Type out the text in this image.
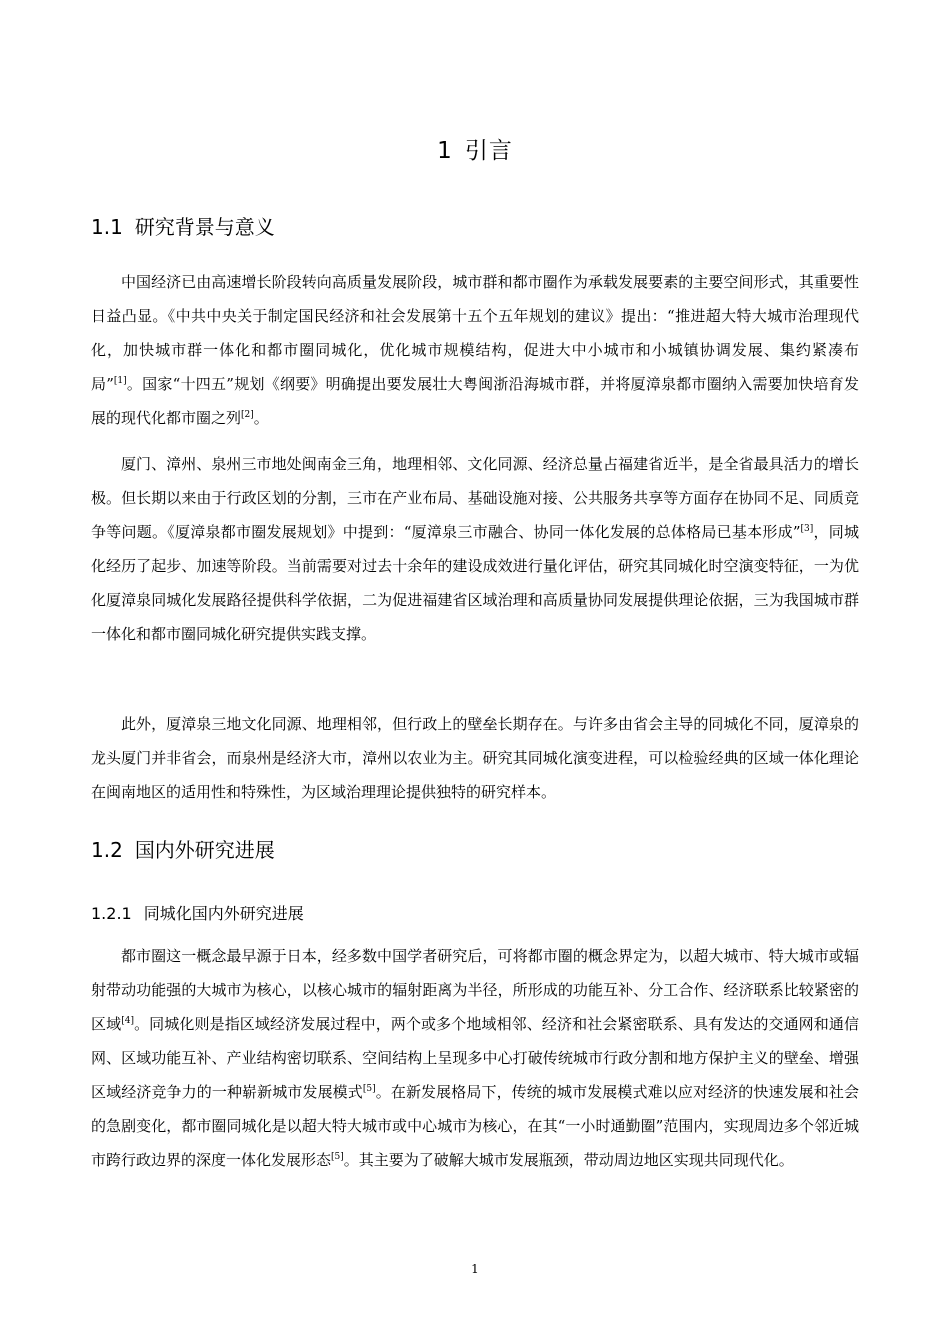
1 引言
1.1 研究背景与意义

中国经济已由高速增长阶段转向高质量发展阶段，城市群和都市圈作为承载发展要素的主要空间形式，其重要性日益凸显。《中共中央关于制定国民经济和社会发展第十五个五年规划的建议》提出：“推进超大特大城市治理现代化，加快城市群一体化和都市圈同城化，优化城市规模结构，促进大中小城市和小城镇协调发展、集约紧凑布局”[1]。国家“十四五”规划《纲要》明确提出要发展壮大粤闽浙沿海城市群，并将厦漳泉都市圈纳入需要加快培育发展的现代化都市圈之列[2]。

厦门、漳州、泉州三市地处闽南金三角，地理相邻、文化同源、经济总量占福建省近半，是全省最具活力的增长极。但长期以来由于行政区划的分割，三市在产业布局、基础设施对接、公共服务共享等方面存在协同不足、同质竞争等问题。《厦漳泉都市圈发展规划》中提到：“厦漳泉三市融合、协同一体化发展的总体格局已基本形成”[3]，同城化经历了起步、加速等阶段。当前需要对过去十余年的建设成效进行量化评估，研究其同城化时空演变特征，一为优化厦漳泉同城化发展路径提供科学依据，二为促进福建省区域治理和高质量协同发展提供理论依据，三为我国城市群一体化和都市圈同城化研究提供实践支撑。

此外，厦漳泉三地文化同源、地理相邻，但行政上的壁垒长期存在。与许多由省会主导的同城化不同，厦漳泉的龙头厦门并非省会，而泉州是经济大市，漳州以农业为主。研究其同城化演变进程，可以检验经典的区域一体化理论在闽南地区的适用性和特殊性，为区域治理理论提供独特的研究样本。

1.2 国内外研究进展
1.2.1 同城化国内外研究进展

都市圈这一概念最早源于日本，经多数中国学者研究后，可将都市圈的概念界定为，以超大城市、特大城市或辐射带动功能强的大城市为核心，以核心城市的辐射距离为半径，所形成的功能互补、分工合作、经济联系比较紧密的区域[4]。同城化则是指区域经济发展过程中，两个或多个地域相邻、经济和社会紧密联系、具有发达的交通网和通信网、区域功能互补、产业结构密切联系、空间结构上呈现多中心打破传统城市行政分割和地方保护主义的壁垒、增强区域经济竞争力的一种崭新城市发展模式[5]。在新发展格局下，传统的城市发展模式难以应对经济的快速发展和社会的急剧变化，都市圈同城化是以超大特大城市或中心城市为核心，在其“一小时通勤圈”范围内，实现周边多个邻近城市跨行政边界的深度一体化发展形态[5]。其主要为了破解大城市发展瓶颈，带动周边地区实现共同现代化。

1
